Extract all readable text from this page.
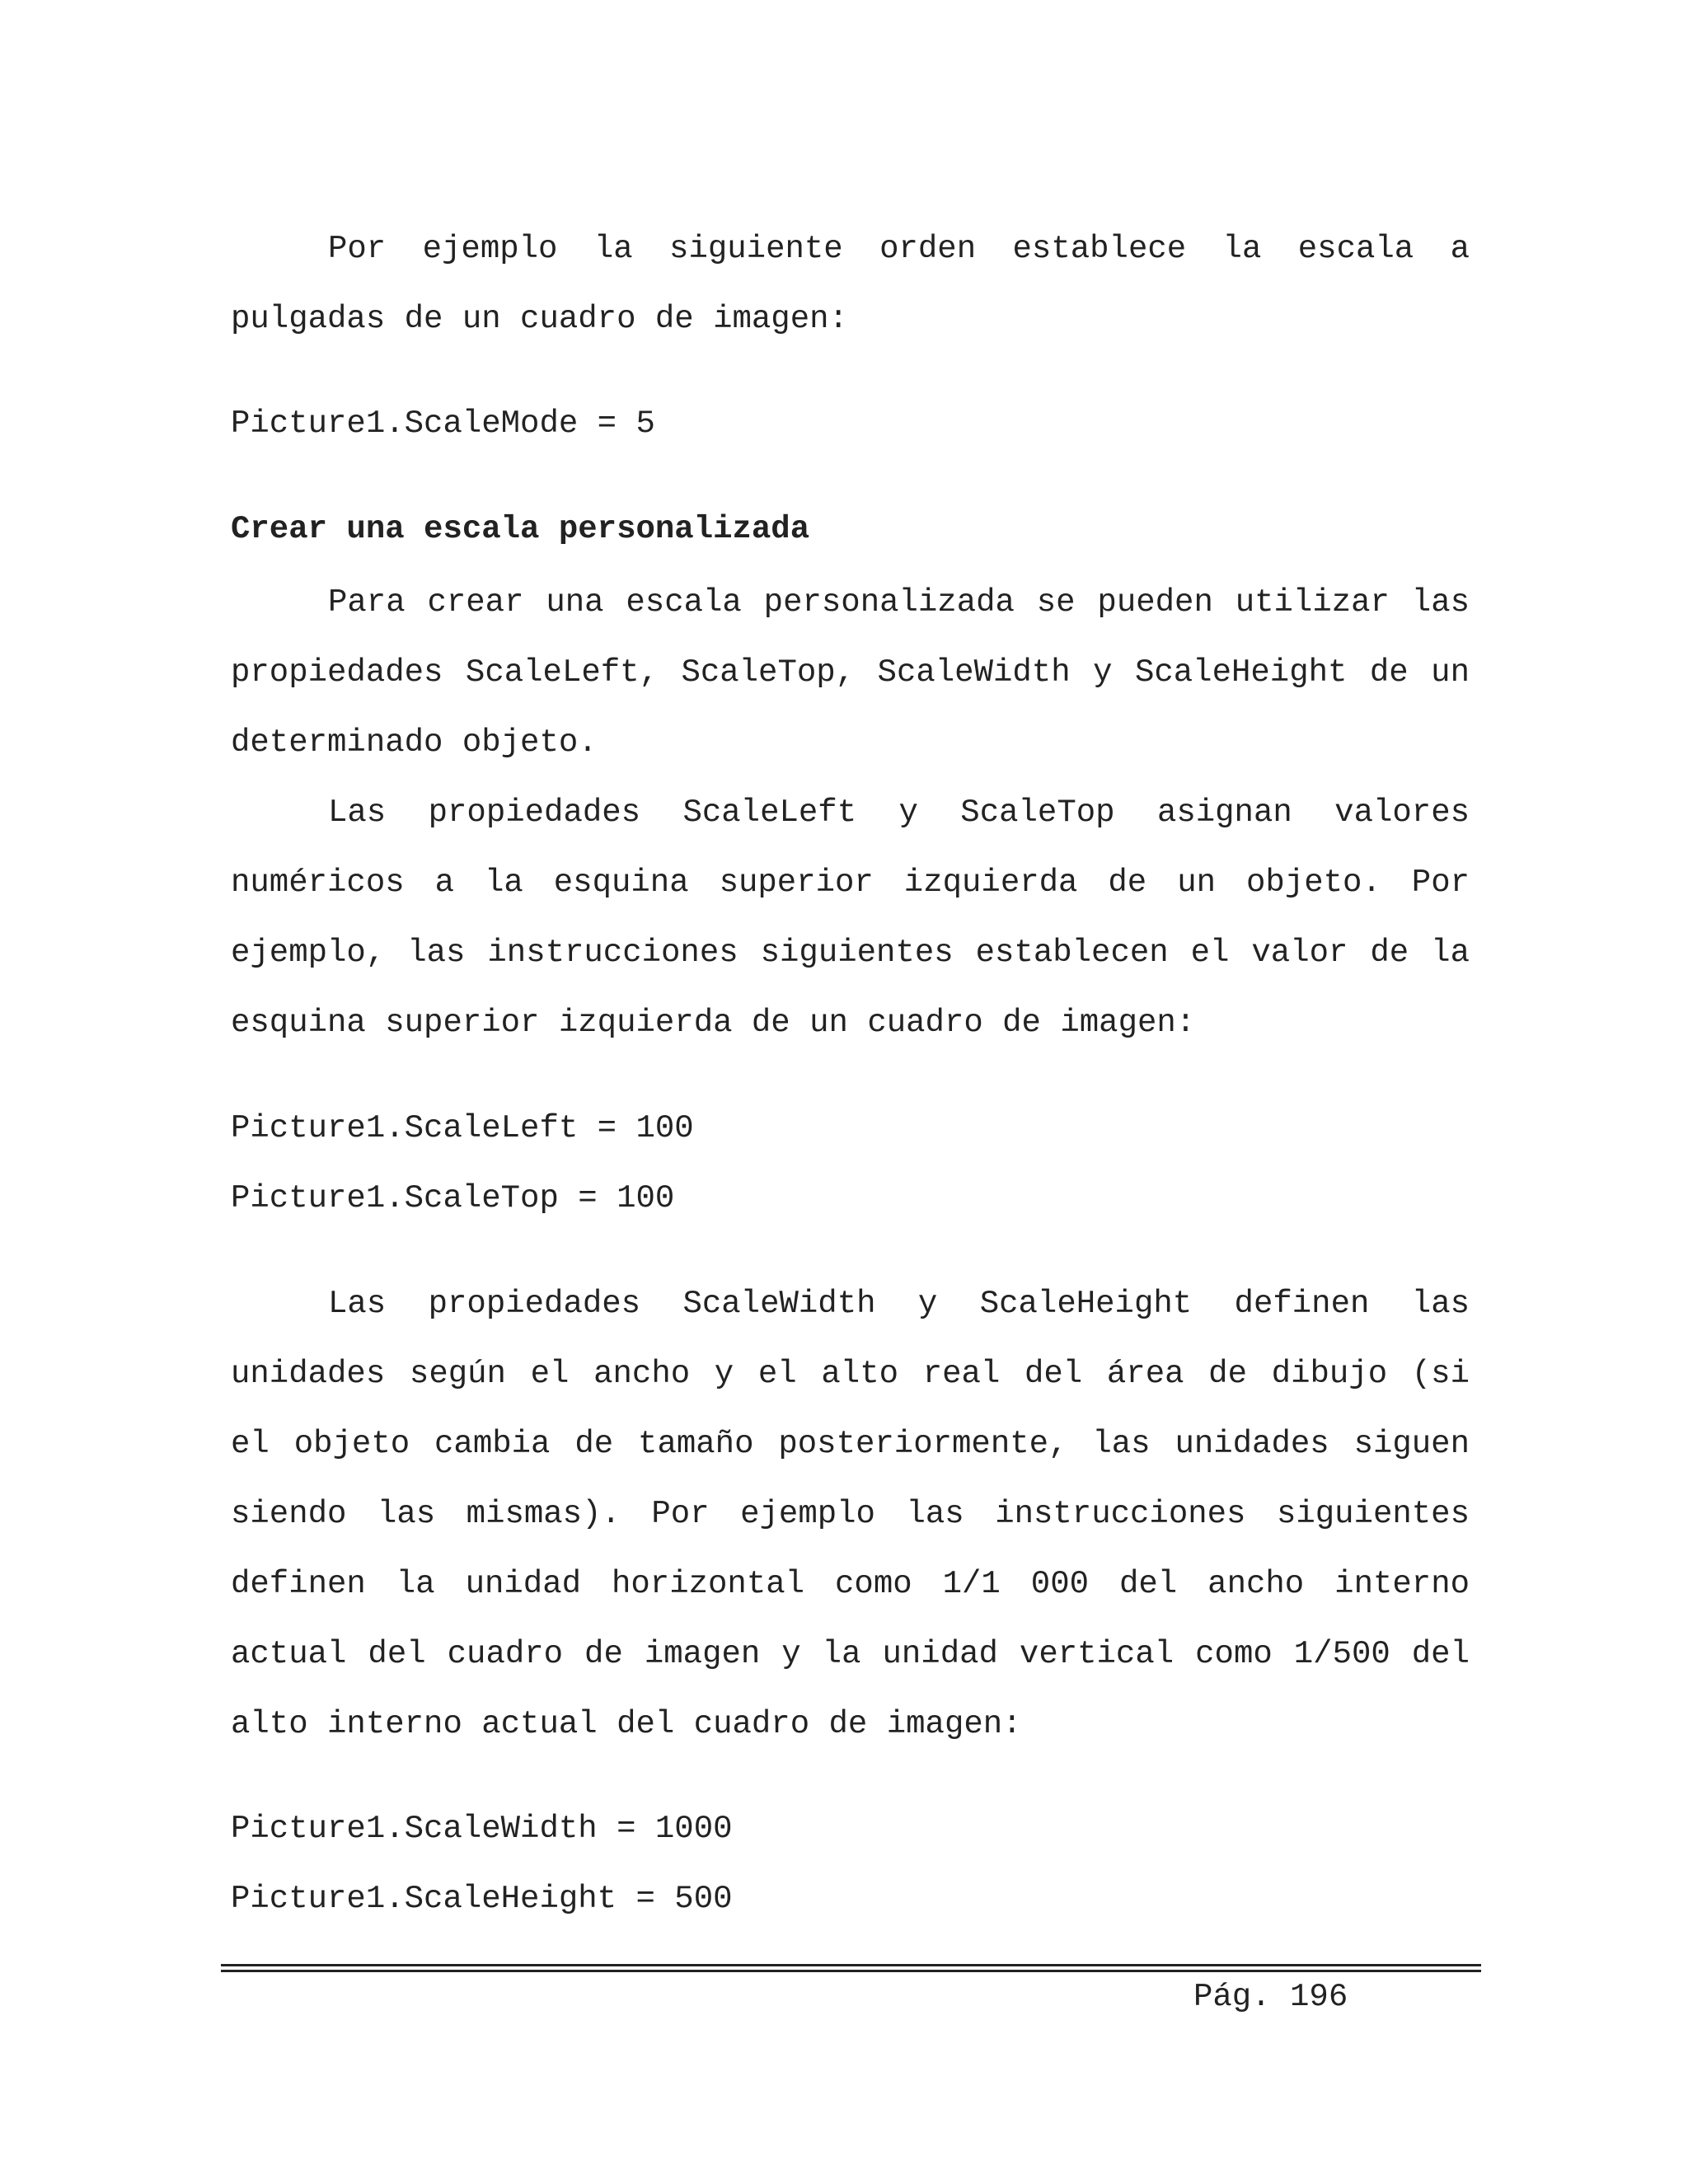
Por ejemplo la siguiente orden establece la escala a
pulgadas de un cuadro de imagen:
Picture1.ScaleMode = 5
Crear una escala personalizada
Para crear una escala personalizada se pueden utilizar las
propiedades ScaleLeft, ScaleTop, ScaleWidth y ScaleHeight de un
determinado objeto.
Las propiedades ScaleLeft y ScaleTop asignan valores
numéricos a la esquina superior izquierda de un objeto. Por
ejemplo, las instrucciones siguientes establecen el valor de la
esquina superior izquierda de un cuadro de imagen:
Picture1.ScaleLeft = 100
Picture1.ScaleTop = 100
Las propiedades ScaleWidth y ScaleHeight definen las
unidades según el ancho y el alto real del área de dibujo (si
el objeto cambia de tamaño posteriormente, las unidades siguen
siendo las mismas). Por ejemplo las instrucciones siguientes
definen la unidad horizontal como 1/1 000 del ancho interno
actual del cuadro de imagen y la unidad vertical como 1/500 del
alto interno actual del cuadro de imagen:
Picture1.ScaleWidth = 1000
Picture1.ScaleHeight = 500
Pág. 196
